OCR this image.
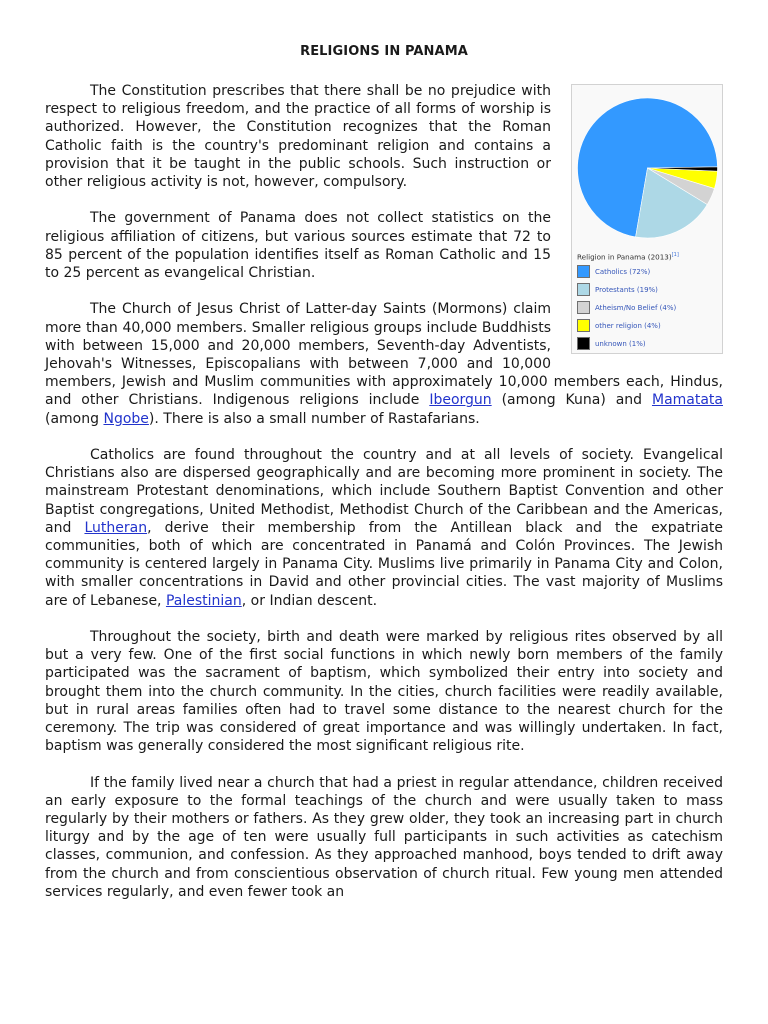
RELIGIONS IN PANAMA

Religion in Panama (2013)[1]
Catholics (72%)
Protestants (19%)
Atheism/No Belief (4%)
other religion (4%)
unknown (1%)
The Constitution prescribes that there shall be no prejudice with respect to religious freedom, and the practice of all forms of worship is authorized. However, the Constitution recognizes that the Roman Catholic faith is the country's predominant religion and contains a provision that it be taught in the public schools. Such instruction or other religious activity is not, however, compulsory.

The government of Panama does not collect statistics on the religious affiliation of citizens, but various sources estimate that 72 to 85 percent of the population identifies itself as Roman Catholic and 15 to 25 percent as evangelical Christian.

The Church of Jesus Christ of Latter-day Saints (Mormons) claim more than 40,000 members. Smaller religious groups include Buddhists with between 15,000 and 20,000 members, Seventh-day Adventists, Jehovah's Witnesses, Episcopalians with between 7,000 and 10,000 members, Jewish and Muslim communities with approximately 10,000 members each, Hindus, and other Christians. Indigenous religions include Ibeorgun (among Kuna) and Mamatata (among Ngobe). There is also a small number of Rastafarians.

Catholics are found throughout the country and at all levels of society. Evangelical Christians also are dispersed geographically and are becoming more prominent in society. The mainstream Protestant denominations, which include Southern Baptist Convention and other Baptist congregations, United Methodist, Methodist Church of the Caribbean and the Americas, and Lutheran, derive their membership from the Antillean black and the expatriate communities, both of which are concentrated in Panamá and Colón Provinces. The Jewish community is centered largely in Panama City. Muslims live primarily in Panama City and Colon, with smaller concentrations in David and other provincial cities. The vast majority of Muslims are of Lebanese, Palestinian, or Indian descent.

Throughout the society, birth and death were marked by religious rites observed by all but a very few. One of the first social functions in which newly born members of the family participated was the sacrament of baptism, which symbolized their entry into society and brought them into the church community. In the cities, church facilities were readily available, but in rural areas families often had to travel some distance to the nearest church for the ceremony. The trip was considered of great importance and was willingly undertaken. In fact, baptism was generally considered the most significant religious rite.

If the family lived near a church that had a priest in regular attendance, children received an early exposure to the formal teachings of the church and were usually taken to mass regularly by their mothers or fathers. As they grew older, they took an increasing part in church liturgy and by the age of ten were usually full participants in such activities as catechism classes, communion, and confession. As they approached manhood, boys tended to drift away from the church and from conscientious observation of church ritual. Few young men attended services regularly, and even fewer took an
